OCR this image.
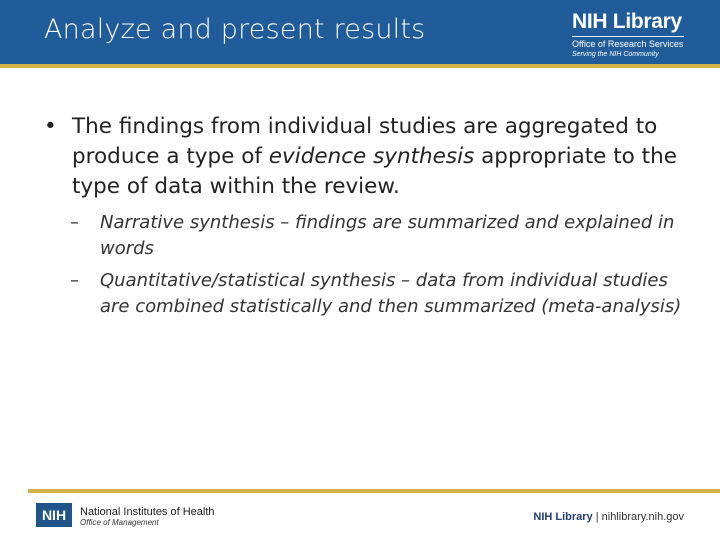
Analyze and present results	NIH Library
Office of Research Services
Serving the NIH Community
• The findings from individual studies are aggregated to produce a type of evidence synthesis appropriate to the type of data within the review.
– Narrative synthesis – findings are summarized and explained in words
– Quantitative/statistical synthesis – data from individual studies are combined statistically and then summarized (meta-analysis)
NIH	National Institutes of Health
Office of Management	NIH Library | nihlibrary.nih.gov
